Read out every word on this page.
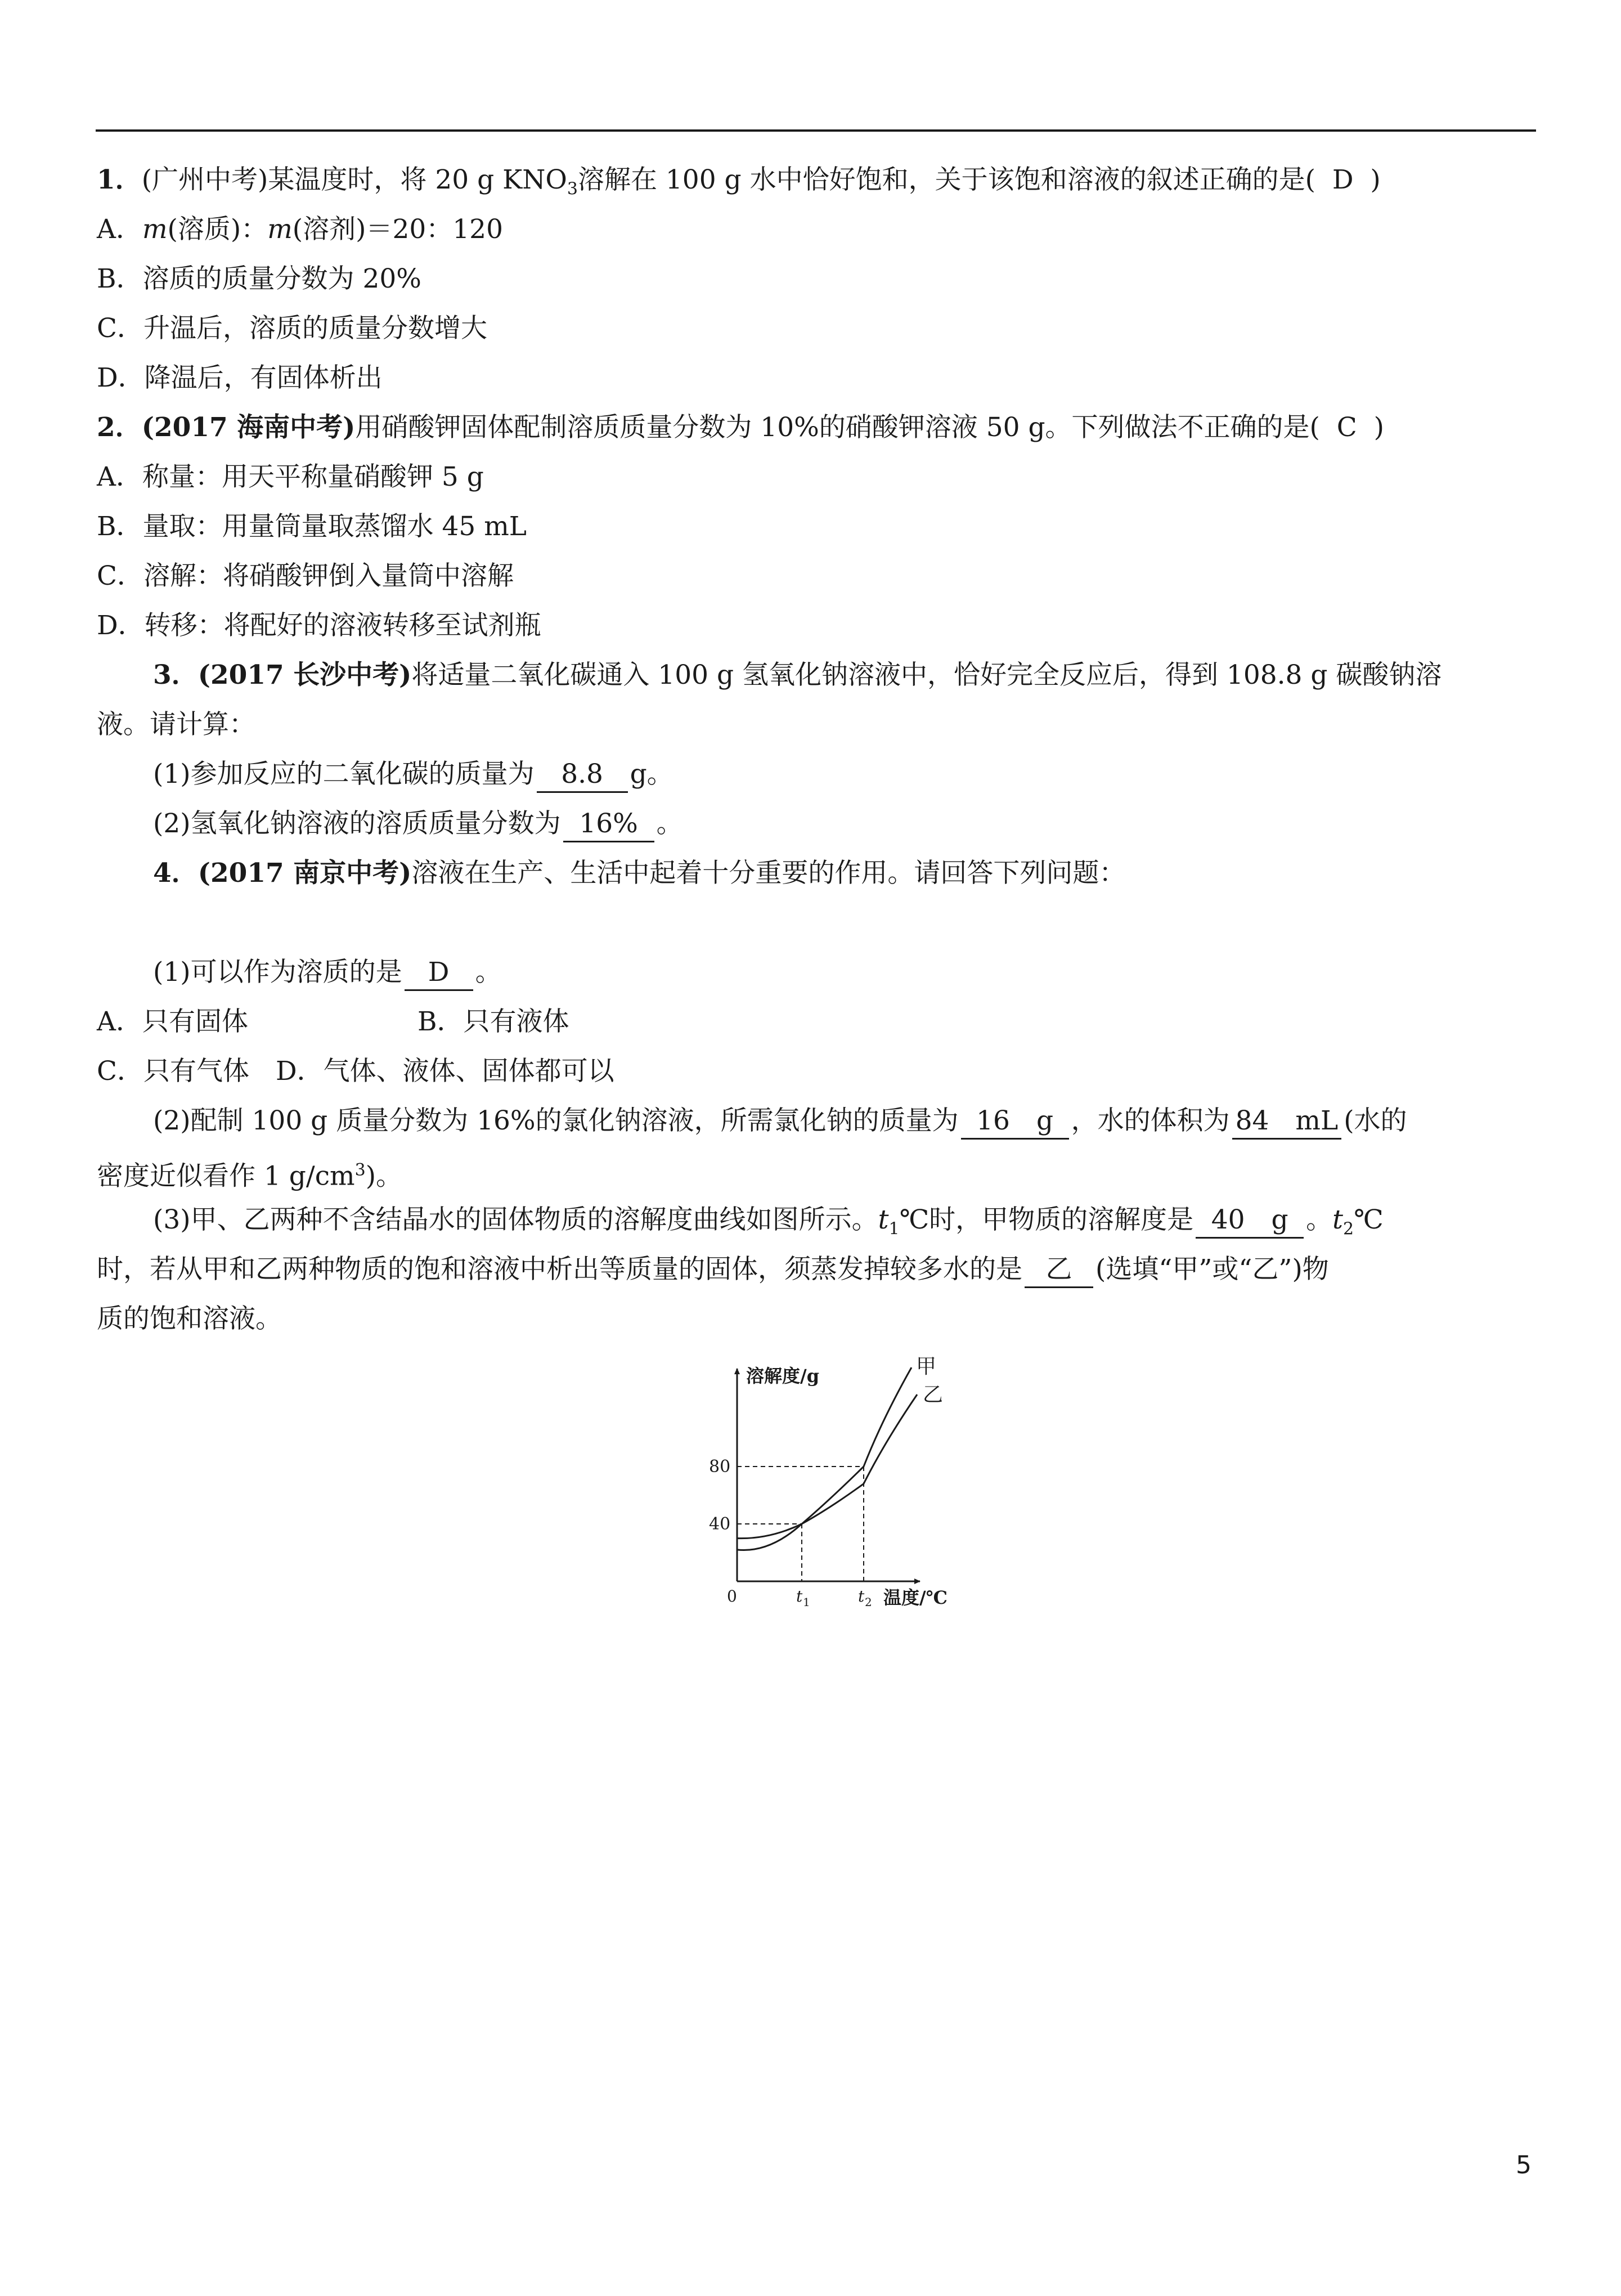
1．(广州中考)某温度时，将 20 g $KNO_3$溶解在 100 g 水中恰好饱和，关于该饱和溶液的叙述正确的是( D )
A．m(溶质)：m(溶剂)＝20：120
B．溶质的质量分数为 20%
C．升温后，溶质的质量分数增大
D．降温后，有固体析出
2．(2017 海南中考)用硝酸钾固体配制溶质质量分数为 10%的硝酸钾溶液 50 g。下列做法不正确的是( C )
A．称量：用天平称量硝酸钾 5 g
B．量取：用量筒量取蒸馏水 45 mL
C．溶解：将硝酸钾倒入量筒中溶解
D．转移：将配好的溶液转移至试剂瓶
3．(2017 长沙中考)将适量二氧化碳通入 100 g 氢氧化钠溶液中，恰好完全反应后，得到 108.8 g 碳酸钠溶
液。请计算：
(1)参加反应的二氧化碳的质量为 8.8 g。
(2)氢氧化钠溶液的溶质质量分数为 16% 。
4．(2017 南京中考)溶液在生产、生活中起着十分重要的作用。请回答下列问题：
(1)可以作为溶质的是 D 。
A．只有固体	B．只有液体
C．只有气体　D．气体、液体、固体都可以
(2)配制 100 g 质量分数为 16%的氯化钠溶液，所需氯化钠的质量为 16　g ，水的体积为 84　mL (水的
密度近似看作 1 $g/cm^3$)。
(3)甲、乙两种不含结晶水的固体物质的溶解度曲线如图所示。$t_1℃$时，甲物质的溶解度是 40　g 。$t_2℃$
时，若从甲和乙两种物质的饱和溶液中析出等质量的固体，须蒸发掉较多水的是 乙 (选填“甲”或“乙”)物
质的饱和溶液。
溶解度/g
温度/℃
0
40
80
t 1	t 2
甲
乙
5
